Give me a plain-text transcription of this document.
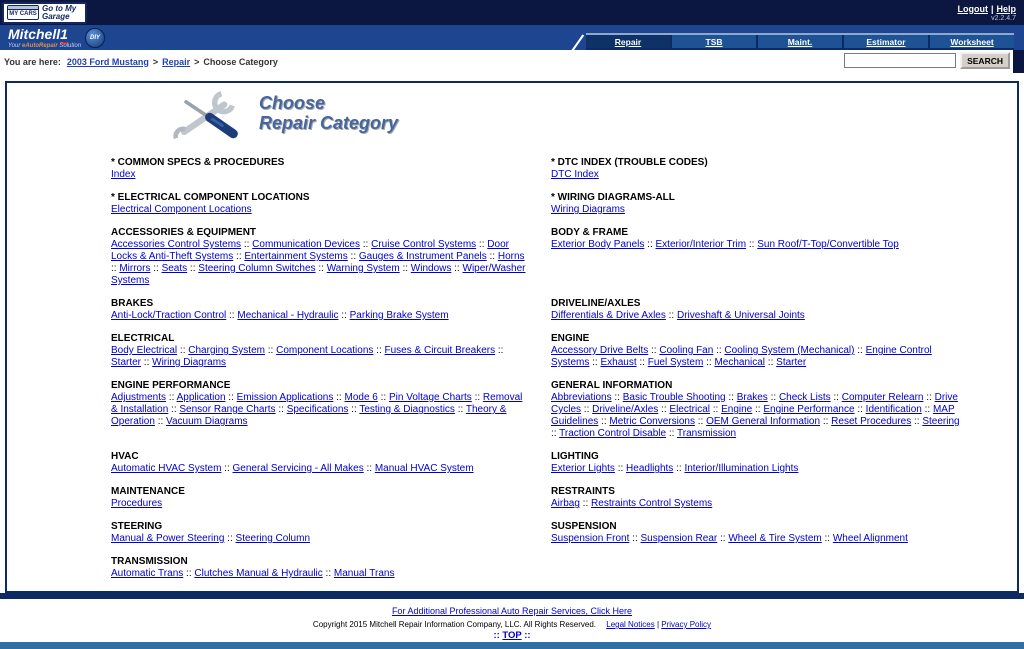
MY CARS
Go to My Garage
Logout | Help
v2.2.4.7
Mitchell1
Your eAutoRepair Solution
DIY	Repair	TSB	Maint.	Estimator	Worksheet
You are here: 2003 Ford Mustang > Repair > Choose Category	SEARCH
Choose
Repair Category
* COMMON SPECS & PROCEDURES
Index
* DTC INDEX (TROUBLE CODES)
DTC Index
* ELECTRICAL COMPONENT LOCATIONS
Electrical Component Locations
* WIRING DIAGRAMS-ALL
Wiring Diagrams
ACCESSORIES & EQUIPMENT
Accessories Control Systems :: Communication Devices :: Cruise Control Systems :: Door Locks & Anti-Theft Systems :: Entertainment Systems :: Gauges & Instrument Panels :: Horns :: Mirrors :: Seats :: Steering Column Switches :: Warning System :: Windows :: Wiper/Washer Systems
BODY & FRAME
Exterior Body Panels :: Exterior/Interior Trim :: Sun Roof/T-Top/Convertible Top
BRAKES
Anti-Lock/Traction Control :: Mechanical - Hydraulic :: Parking Brake System
DRIVELINE/AXLES
Differentials & Drive Axles :: Driveshaft & Universal Joints
ELECTRICAL
Body Electrical :: Charging System :: Component Locations :: Fuses & Circuit Breakers :: Starter :: Wiring Diagrams
ENGINE
Accessory Drive Belts :: Cooling Fan :: Cooling System (Mechanical) :: Engine Control Systems :: Exhaust :: Fuel System :: Mechanical :: Starter
ENGINE PERFORMANCE
Adjustments :: Application :: Emission Applications :: Mode 6 :: Pin Voltage Charts :: Removal & Installation :: Sensor Range Charts :: Specifications :: Testing & Diagnostics :: Theory & Operation :: Vacuum Diagrams
GENERAL INFORMATION
Abbreviations :: Basic Trouble Shooting :: Brakes :: Check Lists :: Computer Relearn :: Drive Cycles :: Driveline/Axles :: Electrical :: Engine :: Engine Performance :: Identification :: MAP Guidelines :: Metric Conversions :: OEM General Information :: Reset Procedures :: Steering :: Traction Control Disable :: Transmission
HVAC
Automatic HVAC System :: General Servicing - All Makes :: Manual HVAC System
LIGHTING
Exterior Lights :: Headlights :: Interior/Illumination Lights
MAINTENANCE
Procedures
RESTRAINTS
Airbag :: Restraints Control Systems
STEERING
Manual & Power Steering :: Steering Column
SUSPENSION
Suspension Front :: Suspension Rear :: Wheel & Tire System :: Wheel Alignment
TRANSMISSION
Automatic Trans :: Clutches Manual & Hydraulic :: Manual Trans
For Additional Professional Auto Repair Services, Click Here
Copyright 2015 Mitchell Repair Information Company, LLC. All Rights Reserved. Legal Notices | Privacy Policy
:: TOP ::
